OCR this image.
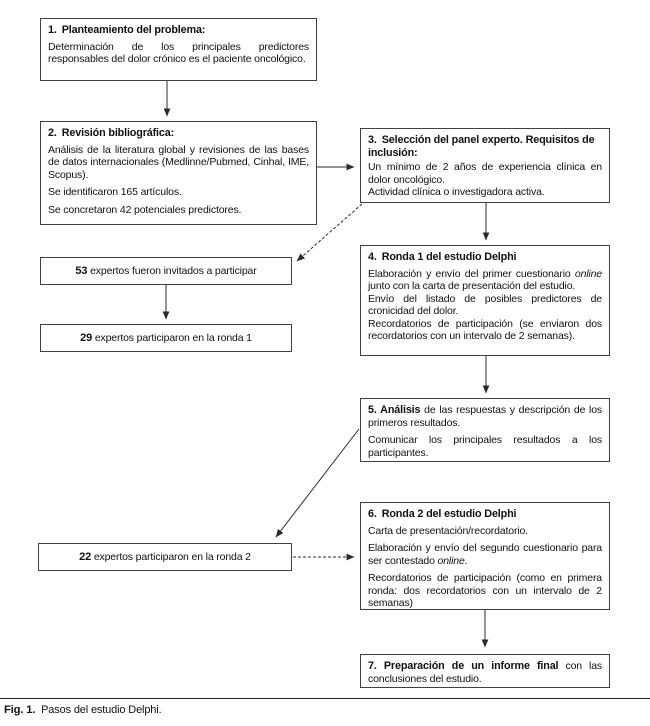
1. Planteamiento del problema:

Determinación de los principales predictores responsables del dolor crónico es el paciente oncológico.

2. Revisión bibliográfica:

Análisis de la literatura global y revisiones de las bases de datos internacionales (Medlinne/Pubmed, Cinhal, IME, Scopus).

Se identificaron 165 artículos.

Se concretaron 42 potenciales predictores.

3. Selección del panel experto. Requisitos de inclusión:

Un mínimo de 2 años de experiencia clínica en dolor oncológico.

Actividad clínica o investigadora activa.

4. Ronda 1 del estudio Delphi

Elaboración y envío del primer cuestionario online junto con la carta de presentación del estudio.

Envío del listado de posibles predictores de cronicidad del dolor.

Recordatorios de participación (se enviaron dos recordatorios con un intervalo de 2 semanas).

5. Análisis de las respuestas y descripción de los primeros resultados.

Comunicar los principales resultados a los participantes.

6. Ronda 2 del estudio Delphi

Carta de presentación/recordatorio.

Elaboración y envío del segundo cuestionario para ser contestado online.

Recordatorios de participación (como en primera ronda: dos recordatorios con un intervalo de 2 semanas)

7. Preparación de un informe final con las conclusiones del estudio.

53 expertos fueron invitados a participar
29 expertos participaron en la ronda 1
22 expertos participaron en la ronda 2
Fig. 1.  Pasos del estudio Delphi.
